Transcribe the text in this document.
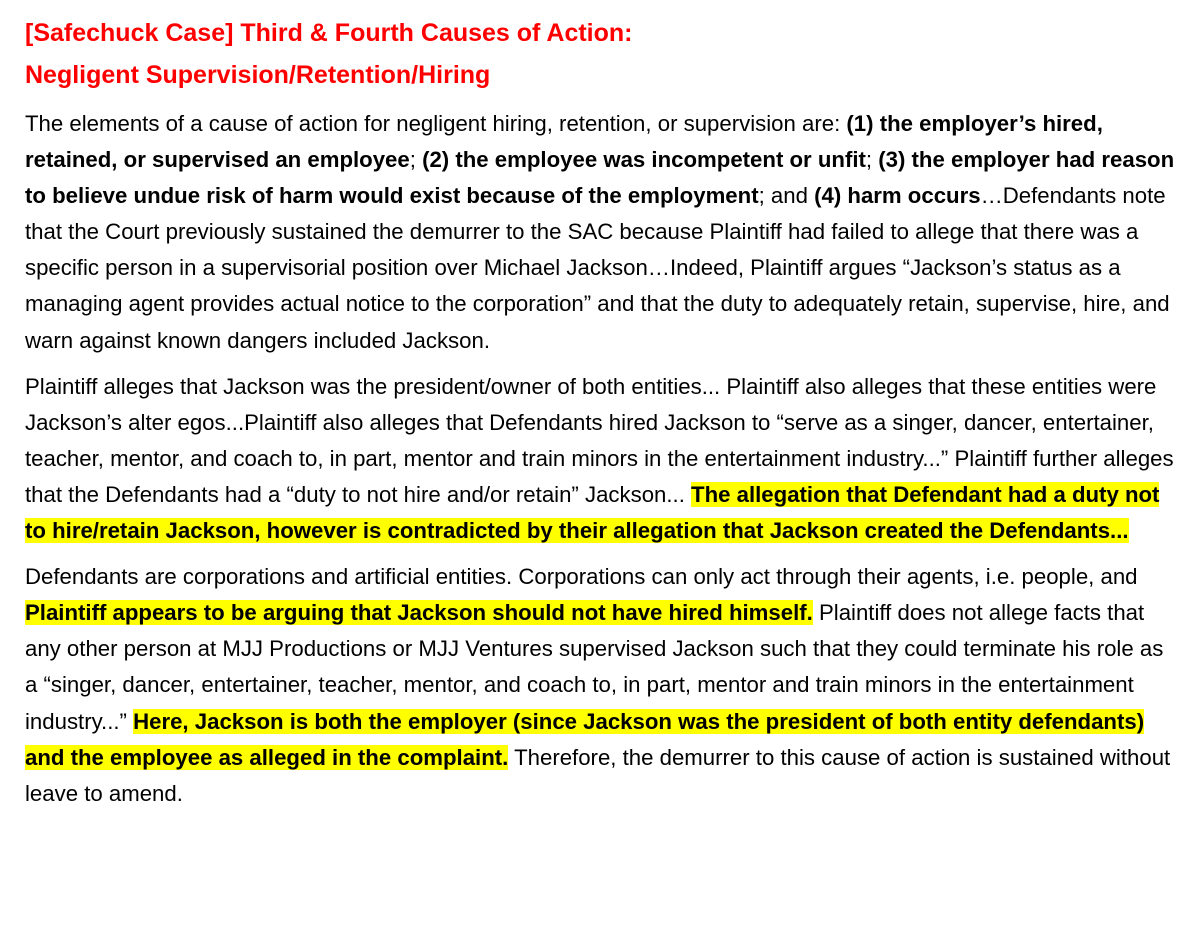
[Safechuck Case] Third & Fourth Causes of Action:
Negligent Supervision/Retention/Hiring

The elements of a cause of action for negligent hiring, retention, or supervision are: (1) the employer’s hired, retained, or supervised an employee; (2) the employee was incompetent or unfit; (3) the employer had reason to believe undue risk of harm would exist because of the employment; and (4) harm occurs…Defendants note that the Court previously sustained the demurrer to the SAC because Plaintiff had failed to allege that there was a specific person in a supervisorial position over Michael Jackson…Indeed, Plaintiff argues “Jackson’s status as a managing agent provides actual notice to the corporation” and that the duty to adequately retain, supervise, hire, and warn against known dangers included Jackson.

Plaintiff alleges that Jackson was the president/owner of both entities... Plaintiff also alleges that these entities were Jackson’s alter egos...Plaintiff also alleges that Defendants hired Jackson to “serve as a singer, dancer, entertainer, teacher, mentor, and coach to, in part, mentor and train minors in the entertainment industry...” Plaintiff further alleges that the Defendants had a “duty to not hire and/or retain” Jackson... The allegation that Defendant had a duty not to hire/retain Jackson, however is contradicted by their allegation that Jackson created the Defendants...

Defendants are corporations and artificial entities. Corporations can only act through their agents, i.e. people, and Plaintiff appears to be arguing that Jackson should not have hired himself. Plaintiff does not allege facts that any other person at MJJ Productions or MJJ Ventures supervised Jackson such that they could terminate his role as a “singer, dancer, entertainer, teacher, mentor, and coach to, in part, mentor and train minors in the entertainment industry...” Here, Jackson is both the employer (since Jackson was the president of both entity defendants) and the employee as alleged in the complaint. Therefore, the demurrer to this cause of action is sustained without leave to amend.
